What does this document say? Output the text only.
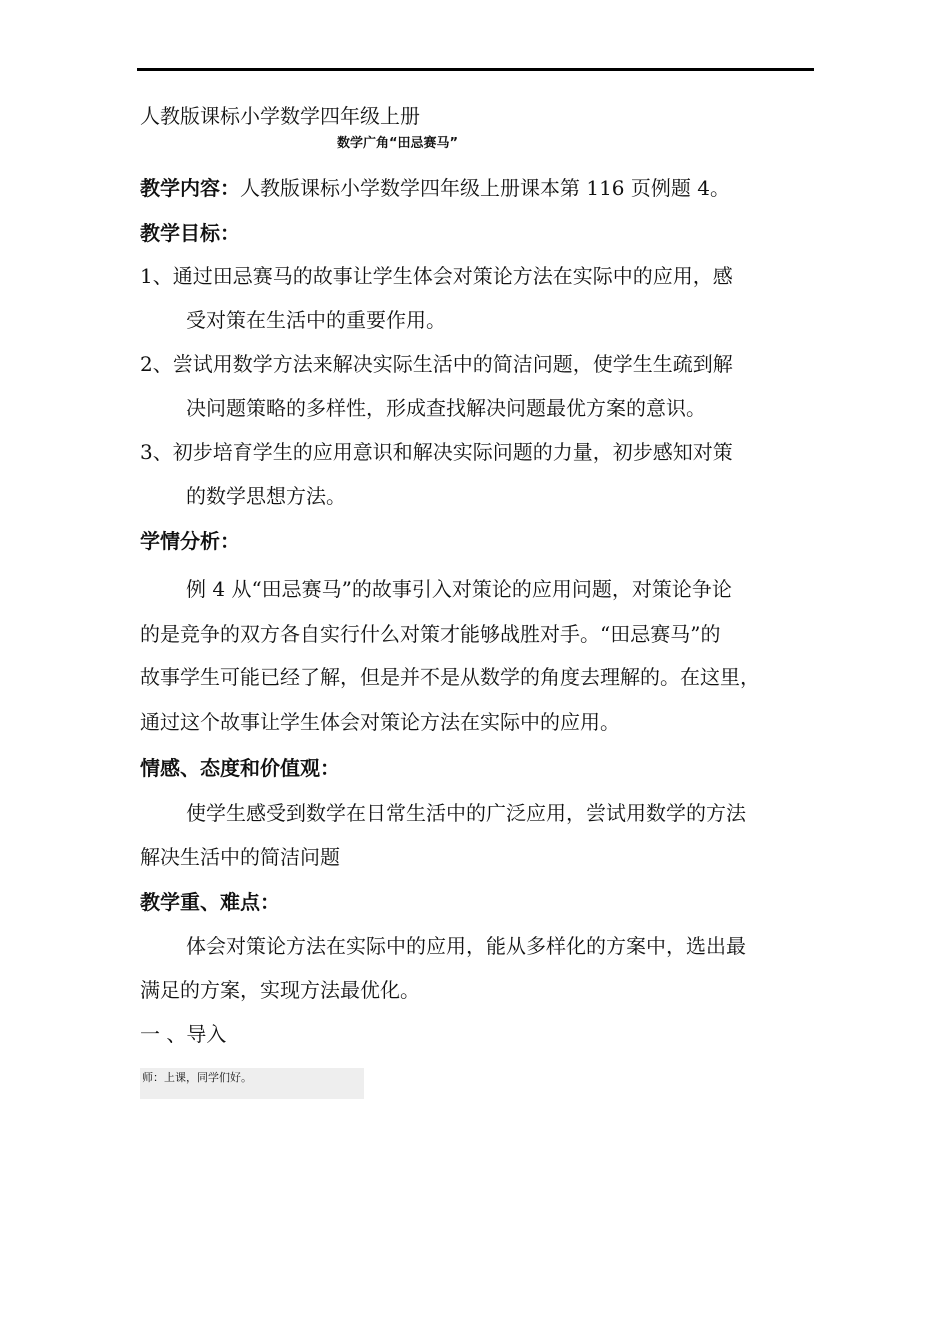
人教版课标小学数学四年级上册
数学广角“田忌赛马”
教学内容：人教版课标小学数学四年级上册课本第 116 页例题 4。
教学目标：
1、通过田忌赛马的故事让学生体会对策论方法在实际中的应用，感
受对策在生活中的重要作用。
2、尝试用数学方法来解决实际生活中的简洁问题，使学生生疏到解
决问题策略的多样性，形成查找解决问题最优方案的意识。
3、初步培育学生的应用意识和解决实际问题的力量，初步感知对策
的数学思想方法。
学情分析：
例 4 从“田忌赛马”的故事引入对策论的应用问题，对策论争论
的是竞争的双方各自实行什么对策才能够战胜对手。“田忌赛马”的
故事学生可能已经了解，但是并不是从数学的角度去理解的。在这里，
通过这个故事让学生体会对策论方法在实际中的应用。
情感、态度和价值观：
使学生感受到数学在日常生活中的广泛应用，尝试用数学的方法
解决生活中的简洁问题
教学重、难点：
体会对策论方法在实际中的应用，能从多样化的方案中，选出最
满足的方案，实现方法最优化。
一 、导入
师：上课，同学们好。
